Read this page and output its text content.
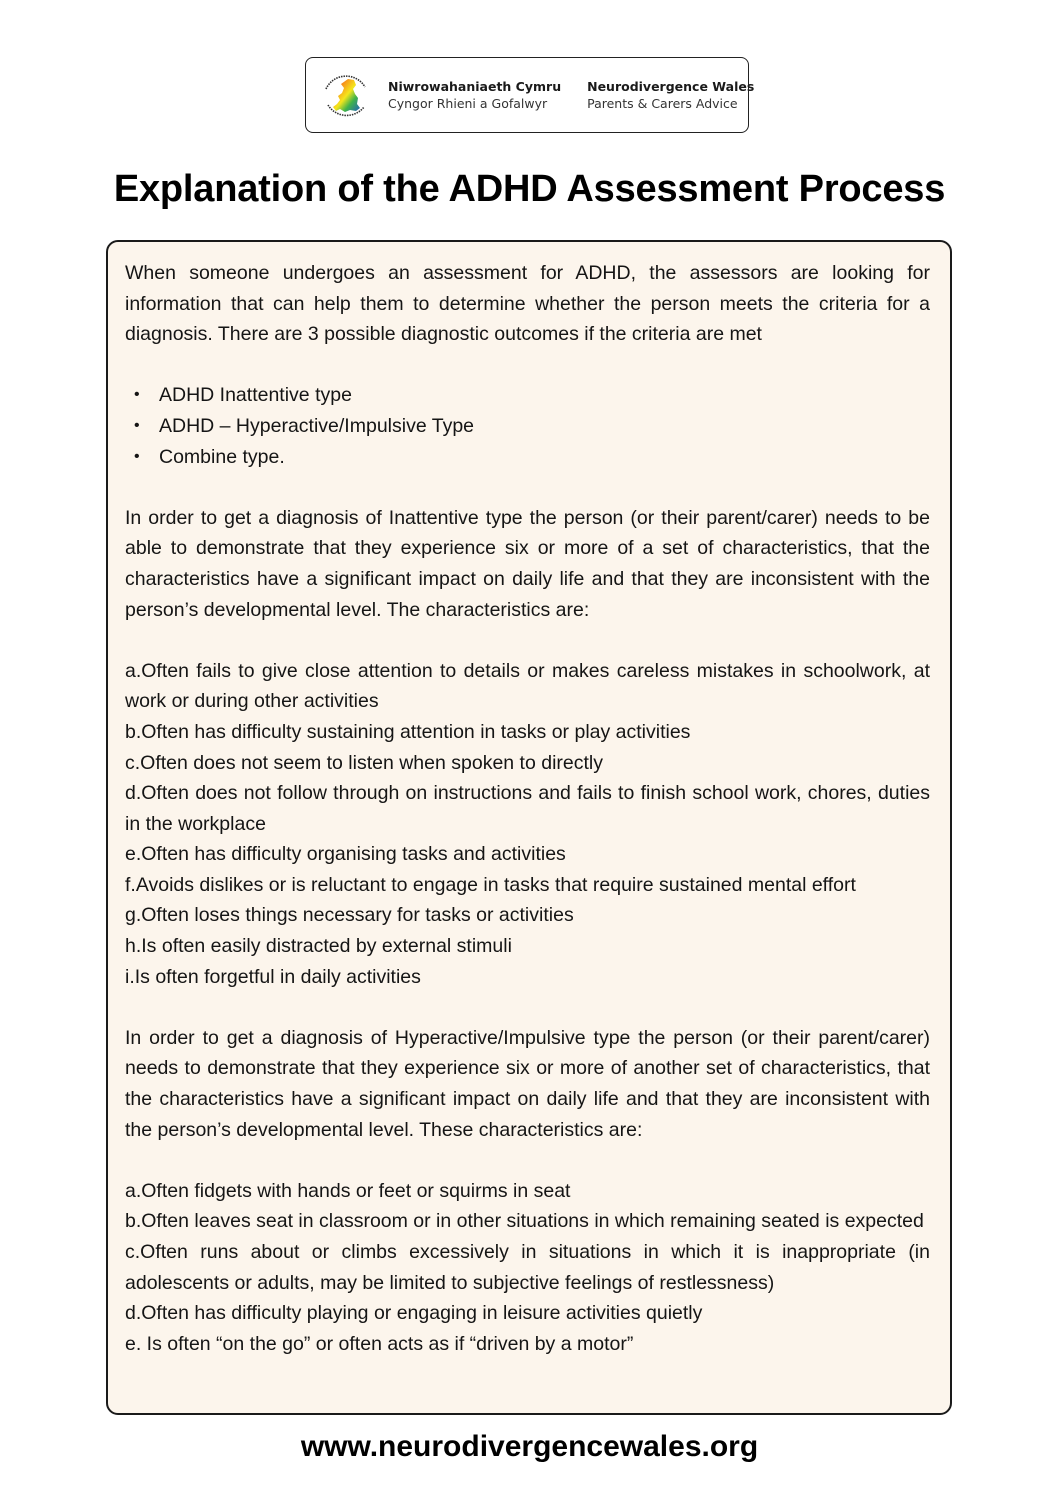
Niwrowahaniaeth Cymru
Cyngor Rhieni a Gofalwyr
Neurodivergence Wales
Parents & Carers Advice
Explanation of the ADHD Assessment Process

When someone undergoes an assessment for ADHD, the assessors are looking for information that can help them to determine whether the person meets the criteria for a diagnosis. There are 3 possible diagnostic outcomes if the criteria are met

• ADHD Inattentive type
• ADHD – Hyperactive/Impulsive Type
• Combine type.

In order to get a diagnosis of Inattentive type the person (or their parent/carer) needs to be able to demonstrate that they experience six or more of a set of characteristics, that the characteristics have a significant impact on daily life and that they are inconsistent with the person’s developmental level. The characteristics are:

a.Often fails to give close attention to details or makes careless mistakes in schoolwork, at work or during other activities

b.Often has difficulty sustaining attention in tasks or play activities

c.Often does not seem to listen when spoken to directly

d.Often does not follow through on instructions and fails to finish school work, chores, duties in the workplace

e.Often has difficulty organising tasks and activities

f.Avoids dislikes or is reluctant to engage in tasks that require sustained mental effort

g.Often loses things necessary for tasks or activities

h.Is often easily distracted by external stimuli

i.Is often forgetful in daily activities

In order to get a diagnosis of Hyperactive/Impulsive type the person (or their parent/carer) needs to demonstrate that they experience six or more of another set of characteristics, that the characteristics have a significant impact on daily life and that they are inconsistent with the person’s developmental level. These characteristics are:

a.Often fidgets with hands or feet or squirms in seat

b.Often leaves seat in classroom or in other situations in which remaining seated is expected

c.Often runs about or climbs excessively in situations in which it is inappropriate (in adolescents or adults, may be limited to subjective feelings of restlessness)

d.Often has difficulty playing or engaging in leisure activities quietly

e. Is often “on the go” or often acts as if “driven by a motor”

www.neurodivergencewales.org
